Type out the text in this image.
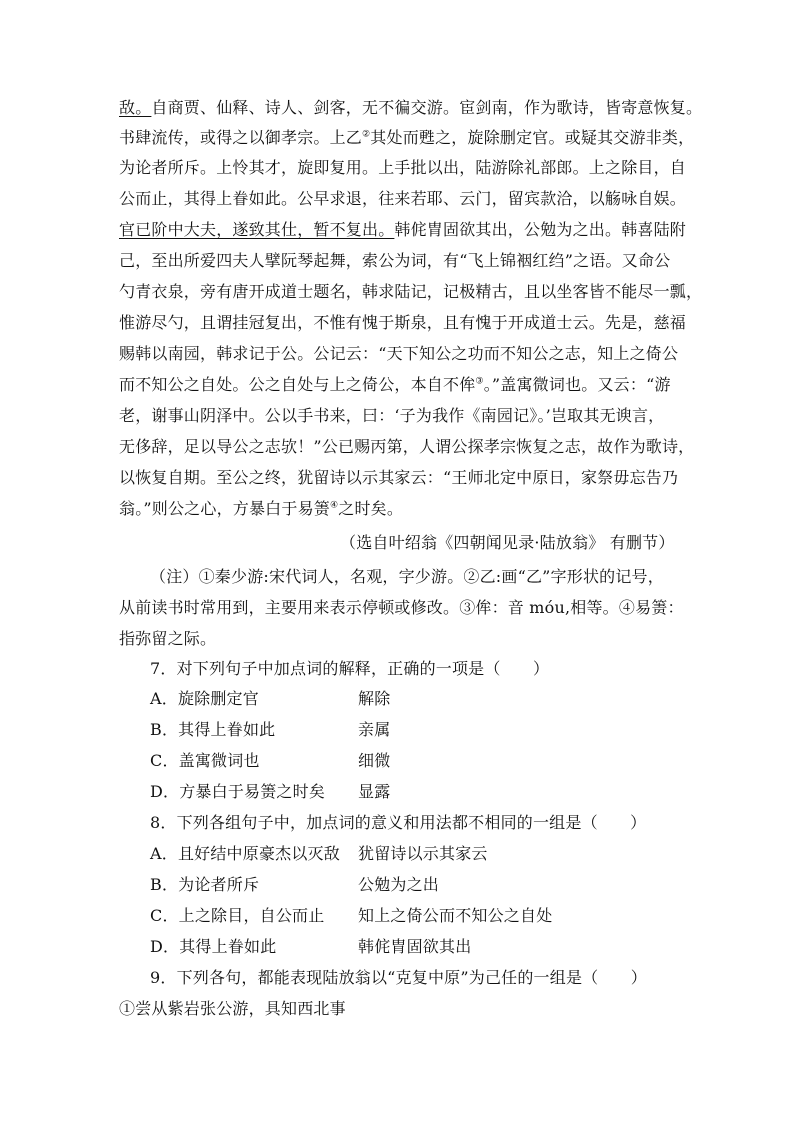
敌。自商贾、仙释、诗人、剑客，无不徧交游。宦剑南，作为歌诗，皆寄意恢复。
书肆流传，或得之以御孝宗。上乙②其处而甦之，旋除删定官。或疑其交游非类，
为论者所斥。上怜其才，旋即复用。上手批以出，陆游除礼部郎。上之除目，自
公而止，其得上眷如此。公早求退，往来若耶、云门，留宾款洽，以觞咏自娱。
官已阶中大夫，遂致其仕，暂不复出。韩侂胄固欲其出，公勉为之出。韩喜陆附
己，至出所爱四夫人擘阮琴起舞，索公为词，有“飞上锦裀红绉”之语。又命公
勺青衣泉，旁有唐开成道士题名，韩求陆记，记极精古，且以坐客皆不能尽一瓢，
惟游尽勺，且谓挂冠复出，不惟有愧于斯泉，且有愧于开成道士云。先是，慈福
赐韩以南园，韩求记于公。公记云：“天下知公之功而不知公之志，知上之倚公
而不知公之自处。公之自处与上之倚公，本自不侔③。”盖寓微词也。又云：“游
老，谢事山阴泽中。公以手书来，曰：‘子为我作《南园记》。’岂取其无谀言，
无侈辞，足以导公之志欤！”公已赐丙第，人谓公探孝宗恢复之志，故作为歌诗，
以恢复自期。至公之终，犹留诗以示其家云：“王师北定中原日，家祭毋忘告乃
翁。”则公之心，方暴白于易箦④之时矣。
（选自叶绍翁《四朝闻见录·陆放翁》 有删节）
（注）①秦少游:宋代词人，名观，字少游。②乙:画“乙”字形状的记号，
从前读书时常用到，主要用来表示停顿或修改。③侔：音 móu,相等。④易箦：
指弥留之际。
7．对下列句子中加点词的解释，正确的一项是（　　）
A．旋除删定官	解除
B．其得上眷如此	亲属
C．盖寓微词也	细微
D．方暴白于易箦之时矣 显露
8．下列各组句子中，加点词的意义和用法都不相同的一组是（　　）
A．且好结中原豪杰以灭敌 犹留诗以示其家云
B．为论者所斥	公勉为之出
C．上之除目，自公而止 知上之倚公而不知公之自处
D．其得上眷如此	韩侂胄固欲其出
9．下列各句，都能表现陆放翁以“克复中原”为己任的一组是（　　）
①尝从紫岩张公游，具知西北事
